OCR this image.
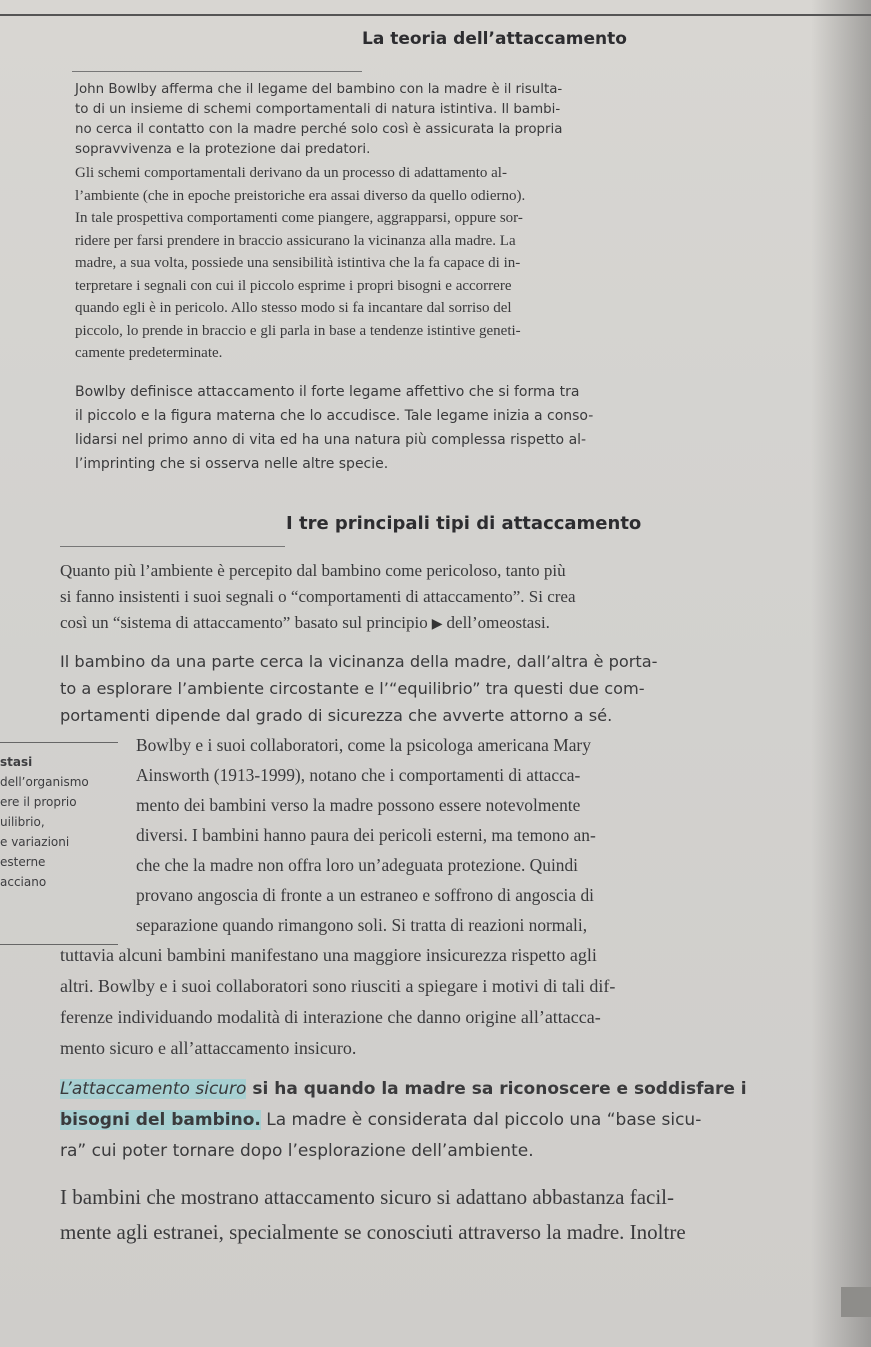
La teoria dell’attaccamento
John Bowlby afferma che il legame del bambino con la madre è il risulta-
to di un insieme di schemi comportamentali di natura istintiva. Il bambi-
no cerca il contatto con la madre perché solo così è assicurata la propria
sopravvivenza e la protezione dai predatori.
Gli schemi comportamentali derivano da un processo di adattamento al-
l’ambiente (che in epoche preistoriche era assai diverso da quello odierno).
In tale prospettiva comportamenti come piangere, aggrapparsi, oppure sor-
ridere per farsi prendere in braccio assicurano la vicinanza alla madre. La
madre, a sua volta, possiede una sensibilità istintiva che la fa capace di in-
terpretare i segnali con cui il piccolo esprime i propri bisogni e accorrere
quando egli è in pericolo. Allo stesso modo si fa incantare dal sorriso del
piccolo, lo prende in braccio e gli parla in base a tendenze istintive geneti-
camente predeterminate.
Bowlby definisce attaccamento il forte legame affettivo che si forma tra
il piccolo e la figura materna che lo accudisce. Tale legame inizia a conso-
lidarsi nel primo anno di vita ed ha una natura più complessa rispetto al-
l’imprinting che si osserva nelle altre specie.
I tre principali tipi di attaccamento
Quanto più l’ambiente è percepito dal bambino come pericoloso, tanto più
si fanno insistenti i suoi segnali o “comportamenti di attaccamento”. Si crea
così un “sistema di attaccamento” basato sul principio ▶ dell’omeostasi.
Il bambino da una parte cerca la vicinanza della madre, dall’altra è porta-
to a esplorare l’ambiente circostante e l’“equilibrio” tra questi due com-
portamenti dipende dal grado di sicurezza che avverte attorno a sé.
stasi
dell’organismo
ere il proprio
uilibrio,
e variazioni
esterne
acciano
Bowlby e i suoi collaboratori, come la psicologa americana Mary
Ainsworth (1913-1999), notano che i comportamenti di attacca-
mento dei bambini verso la madre possono essere notevolmente
diversi. I bambini hanno paura dei pericoli esterni, ma temono an-
che che la madre non offra loro un’adeguata protezione. Quindi
provano angoscia di fronte a un estraneo e soffrono di angoscia di
separazione quando rimangono soli. Si tratta di reazioni normali,
tuttavia alcuni bambini manifestano una maggiore insicurezza rispetto agli
altri. Bowlby e i suoi collaboratori sono riusciti a spiegare i motivi di tali dif-
ferenze individuando modalità di interazione che danno origine all’attacca-
mento sicuro e all’attaccamento insicuro.
L’attaccamento sicuro si ha quando la madre sa riconoscere e soddisfare i
bisogni del bambino. La madre è considerata dal piccolo una “base sicu-
ra” cui poter tornare dopo l’esplorazione dell’ambiente.
I bambini che mostrano attaccamento sicuro si adattano abbastanza facil-
mente agli estranei, specialmente se conosciuti attraverso la madre. Inoltre
